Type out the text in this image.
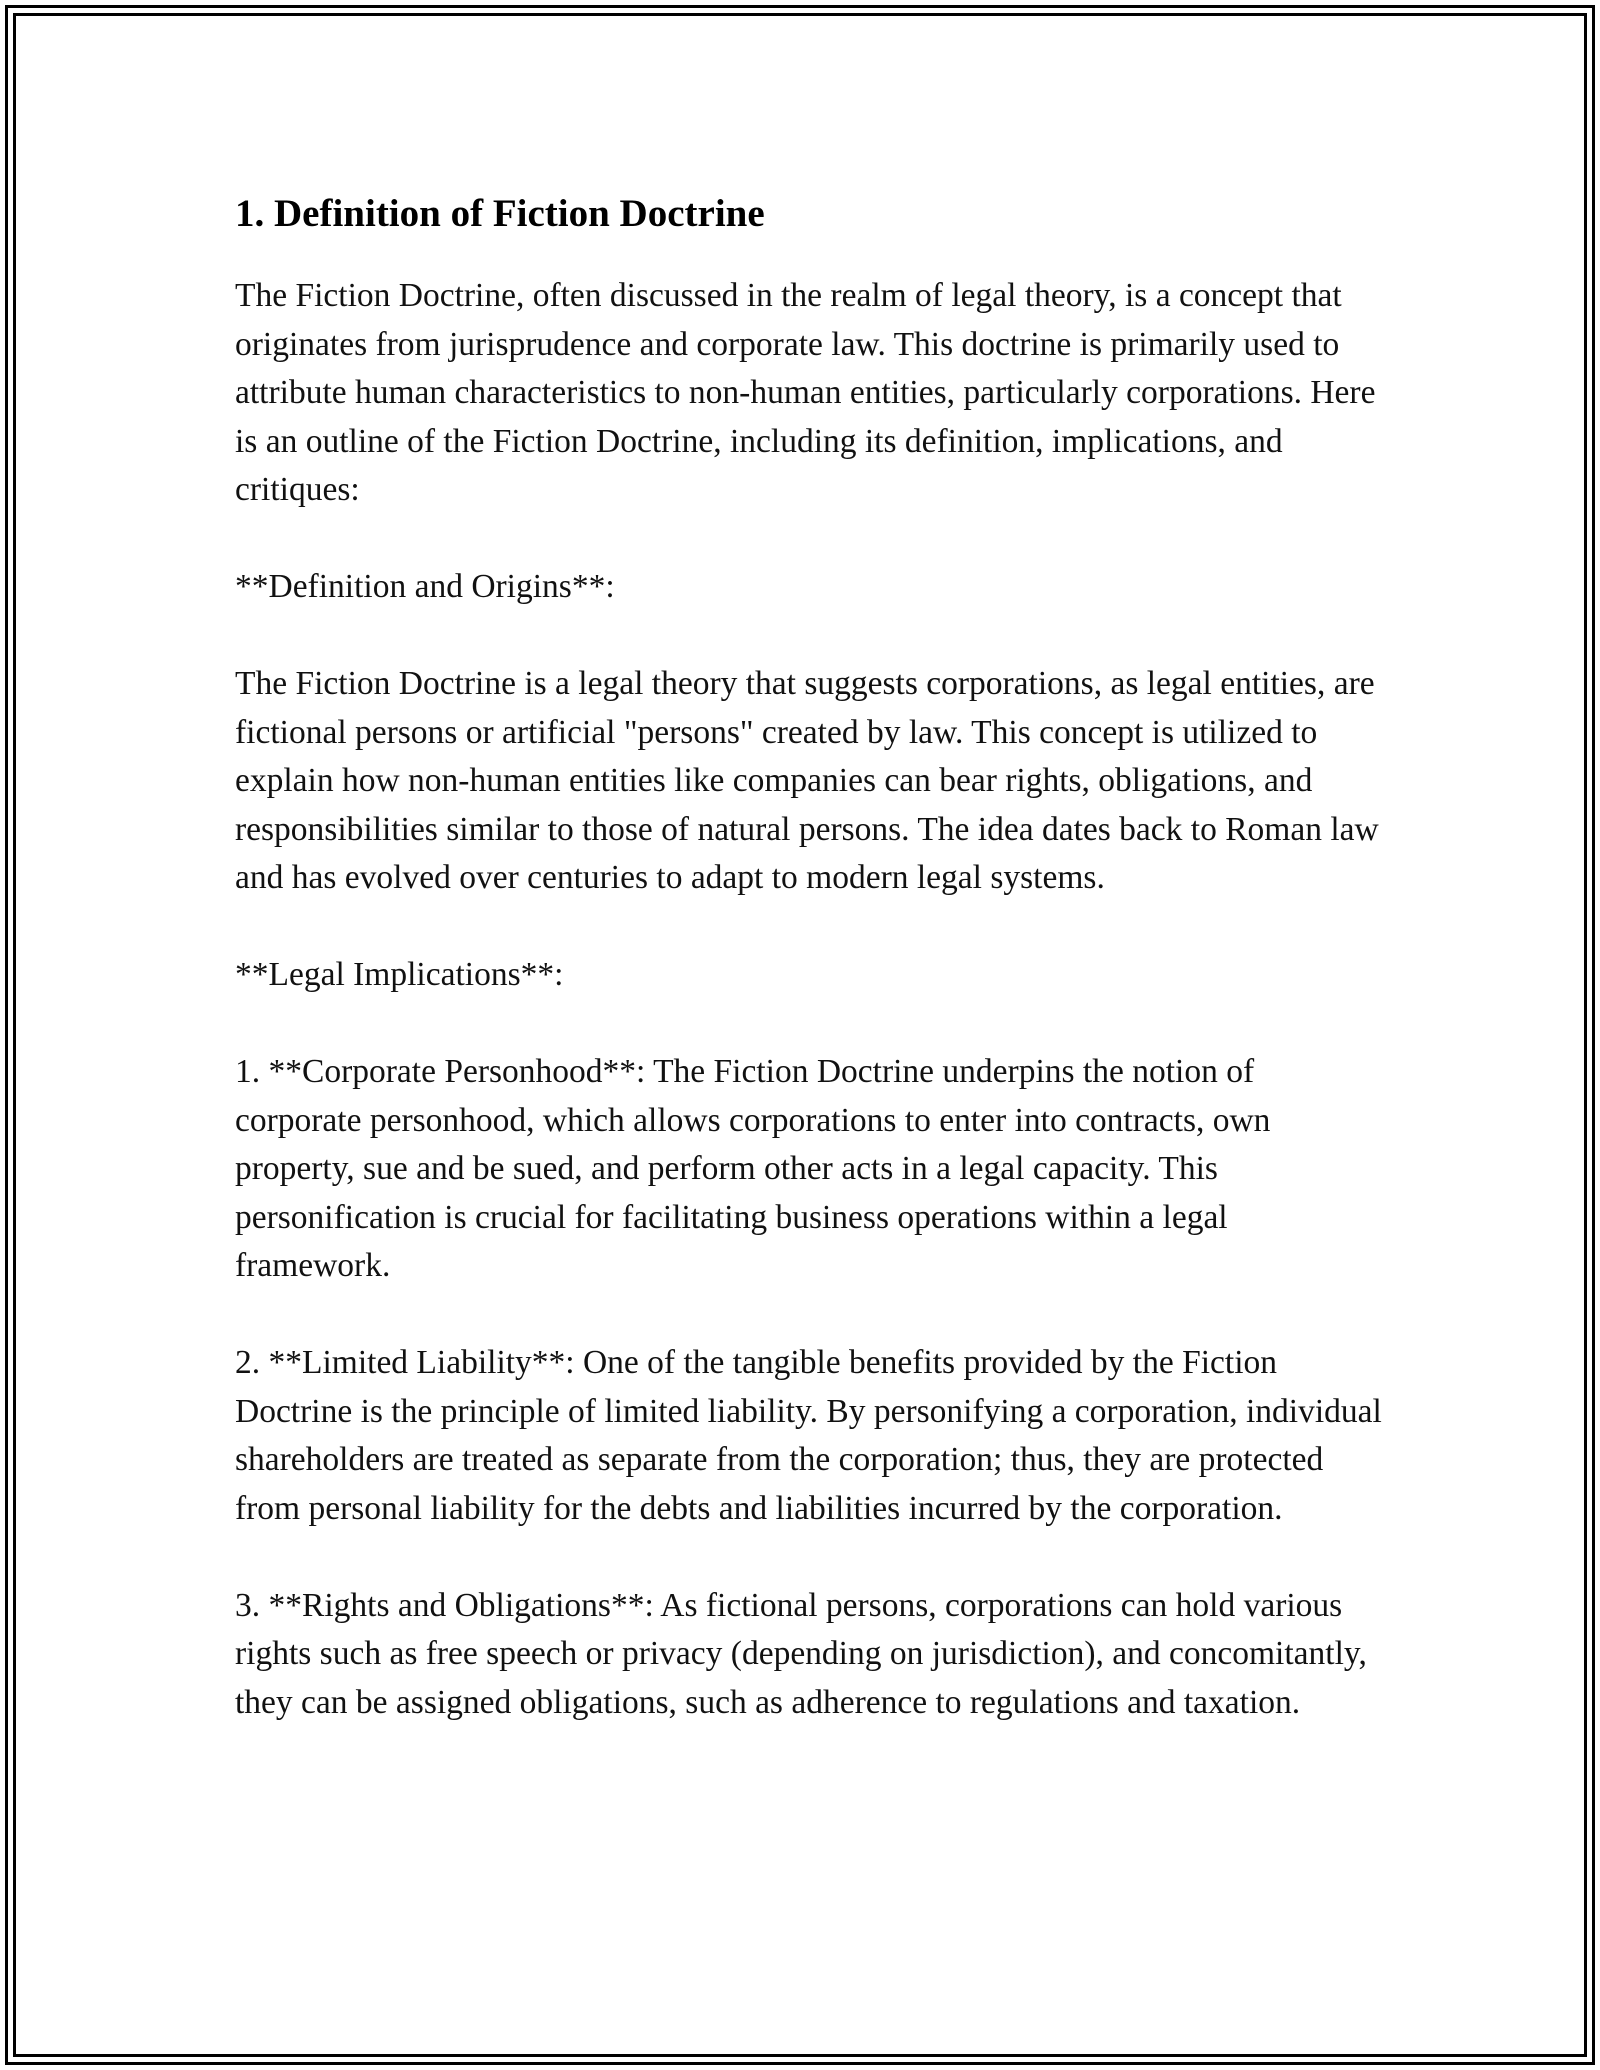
1. Definition of Fiction Doctrine

The Fiction Doctrine, often discussed in the realm of legal theory, is a concept that originates from jurisprudence and corporate law. This doctrine is primarily used to attribute human characteristics to non-human entities, particularly corporations. Here is an outline of the Fiction Doctrine, including its definition, implications, and critiques:

**Definition and Origins**:

The Fiction Doctrine is a legal theory that suggests corporations, as legal entities, are fictional persons or artificial "persons" created by law. This concept is utilized to explain how non-human entities like companies can bear rights, obligations, and responsibilities similar to those of natural persons. The idea dates back to Roman law and has evolved over centuries to adapt to modern legal systems.

**Legal Implications**:

1. **Corporate Personhood**: The Fiction Doctrine underpins the notion of corporate personhood, which allows corporations to enter into contracts, own property, sue and be sued, and perform other acts in a legal capacity. This personification is crucial for facilitating business operations within a legal framework.

2. **Limited Liability**: One of the tangible benefits provided by the Fiction Doctrine is the principle of limited liability. By personifying a corporation, individual shareholders are treated as separate from the corporation; thus, they are protected from personal liability for the debts and liabilities incurred by the corporation.

3. **Rights and Obligations**: As fictional persons, corporations can hold various rights such as free speech or privacy (depending on jurisdiction), and concomitantly, they can be assigned obligations, such as adherence to regulations and taxation.
